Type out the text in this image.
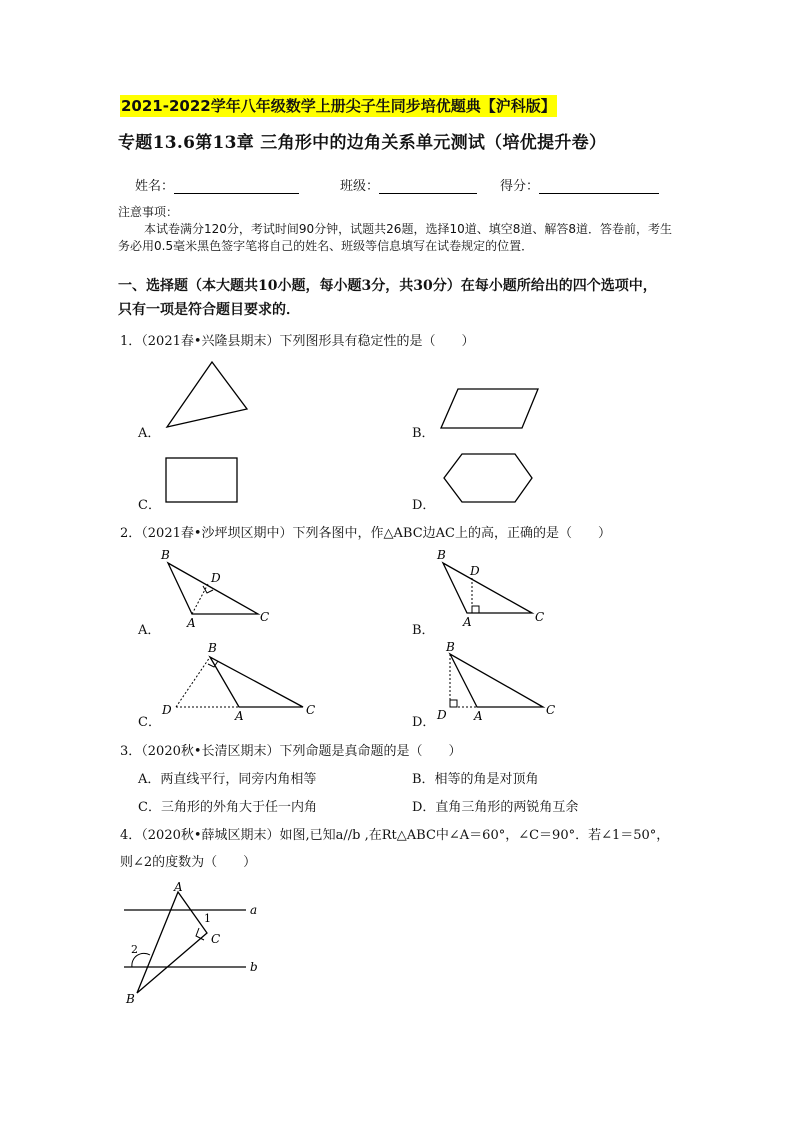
2021-2022学年八年级数学上册尖子生同步培优题典【沪科版】
专题13.6第13章 三角形中的边角关系单元测试（培优提升卷）
姓名：	班级：	得分：
注意事项：
本试卷满分120分，考试时间90分钟，试题共26题，选择10道、填空8道、解答8道．答卷前，考生务必用0.5毫米黑色签字笔将自己的姓名、班级等信息填写在试卷规定的位置．
一、选择题（本大题共10小题，每小题3分，共30分）在每小题所给出的四个选项中，
只有一项是符合题目要求的．
1．（2021春•兴隆县期末）下列图形具有稳定性的是（　　）
A．	B．
C．	D．
2．（2021春•沙坪坝区期中）下列各图中，作△ABC边AC上的高，正确的是（　　）
A．	B．
C．	D．
B
D
A	C
B
D
A	C
B
D	A	C
B
D A	C
3．（2020秋•长清区期末）下列命题是真命题的是（　　）
A．两直线平行，同旁内角相等	B．相等的角是对顶角
C．三角形的外角大于任一内角	D．直角三角形的两锐角互余
4．（2020秋•薛城区期末）如图,已知a//b ,在Rt△ABC中∠A＝60°，∠C＝90°．若∠1＝50°，
则∠2的度数为（　　）
A
B
C
a
b
1
2
